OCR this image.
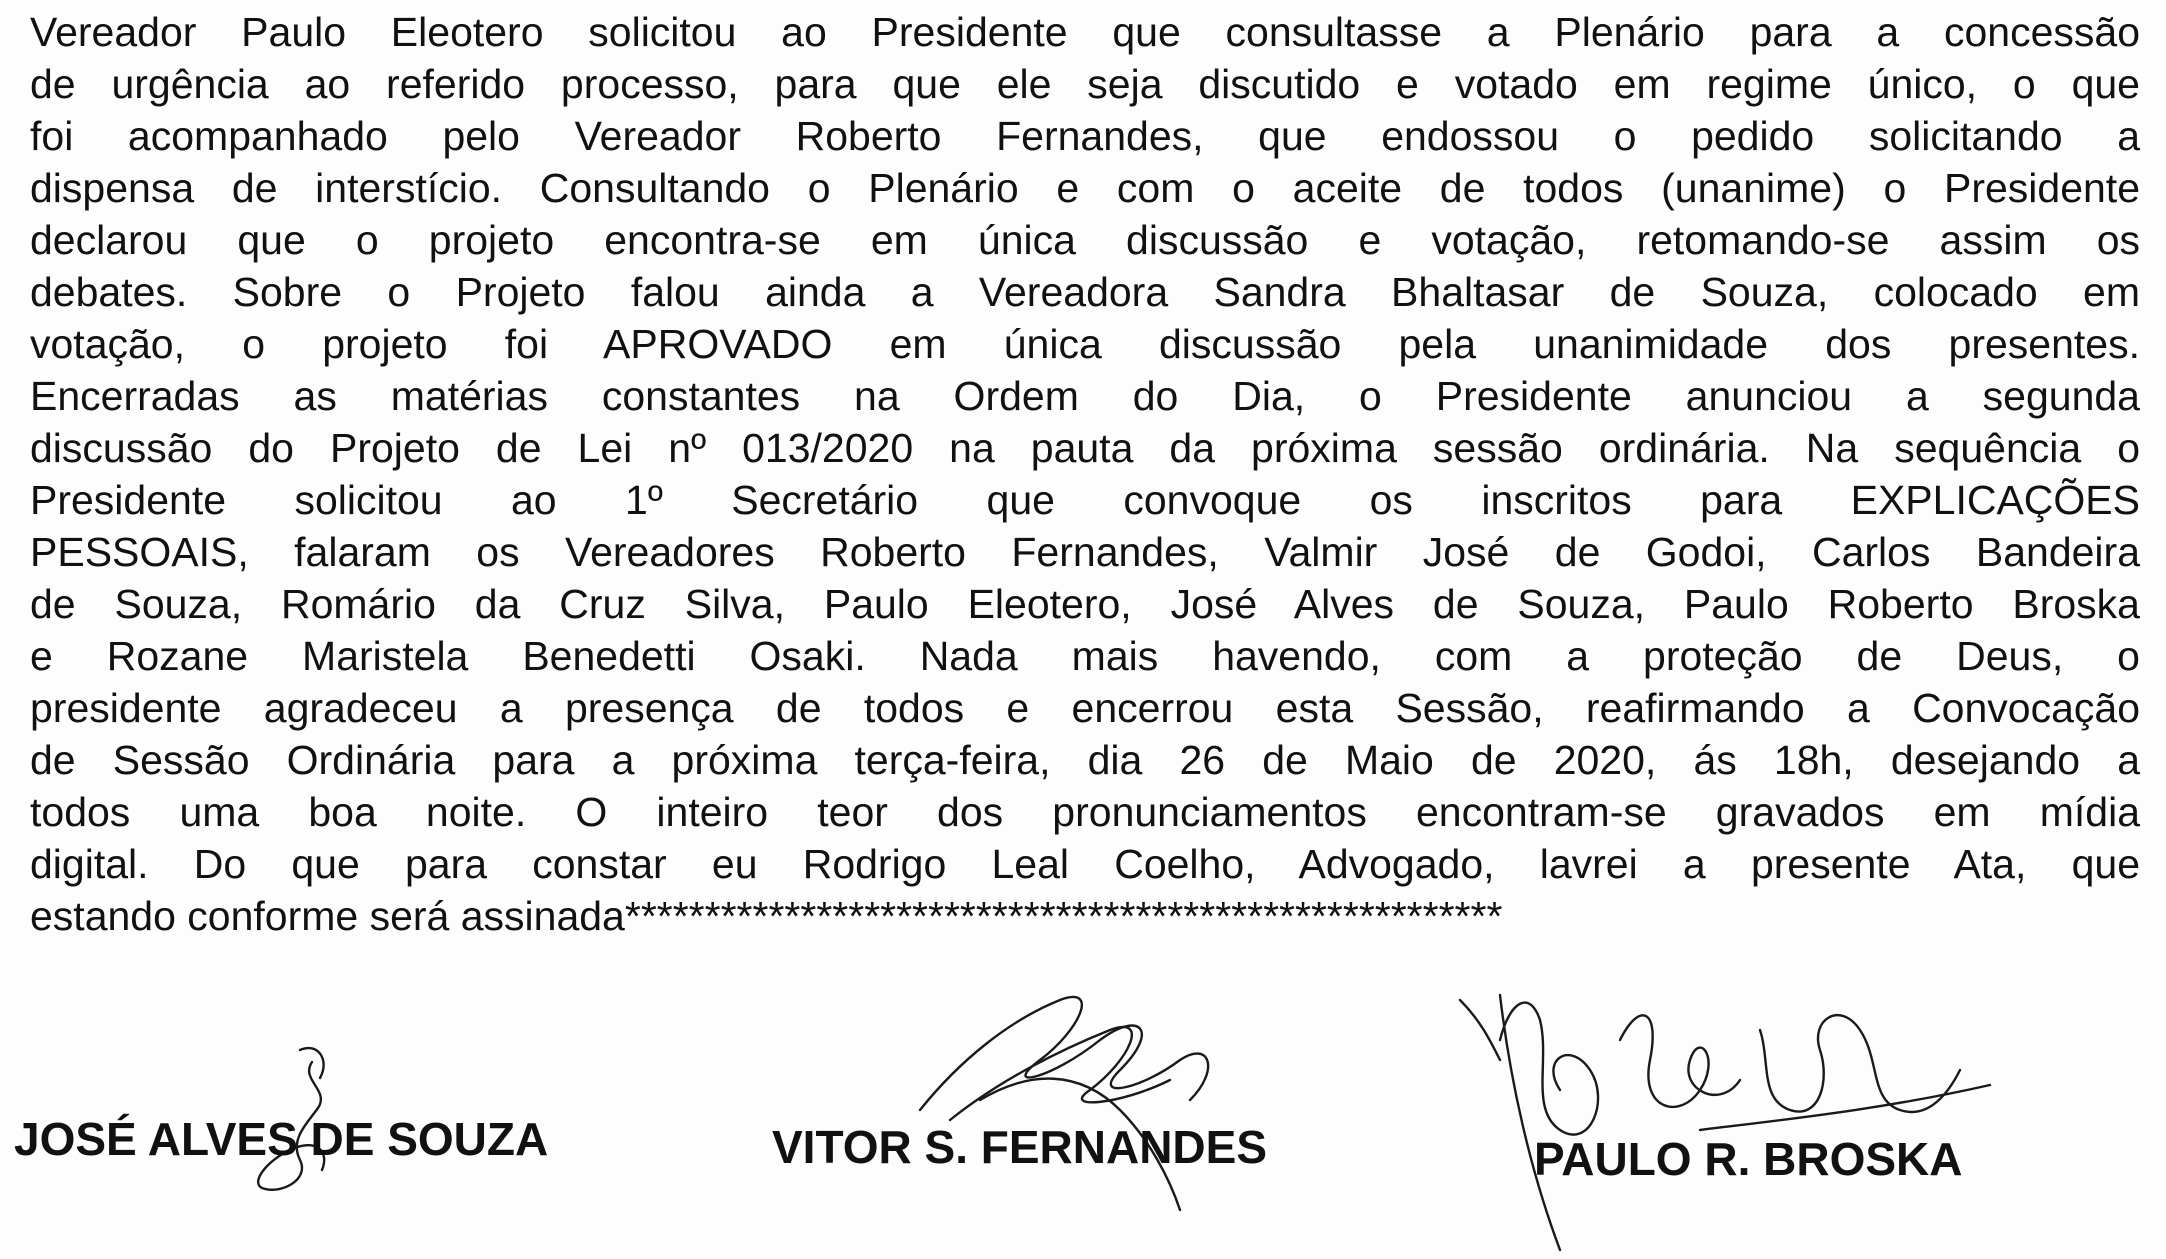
Vereador Paulo Eleotero solicitou ao Presidente que consultasse a Plenário para a concessão
de urgência ao referido processo, para que ele seja discutido e votado em regime único, o que
foi acompanhado pelo Vereador Roberto Fernandes, que endossou o pedido solicitando a
dispensa de interstício. Consultando o Plenário e com o aceite de todos (unanime) o Presidente
declarou que o projeto encontra-se em única discussão e votação, retomando-se assim os
debates. Sobre o Projeto falou ainda a Vereadora Sandra Bhaltasar de Souza, colocado em
votação, o projeto foi APROVADO em única discussão pela unanimidade dos presentes.
Encerradas as matérias constantes na Ordem do Dia, o Presidente anunciou a segunda
discussão do Projeto de Lei nº 013/2020 na pauta da próxima sessão ordinária. Na sequência o
Presidente solicitou ao 1º Secretário que convoque os inscritos para EXPLICAÇÕES
PESSOAIS, falaram os Vereadores Roberto Fernandes, Valmir José de Godoi, Carlos Bandeira
de Souza, Romário da Cruz Silva, Paulo Eleotero, José Alves de Souza, Paulo Roberto Broska
e Rozane Maristela Benedetti Osaki. Nada mais havendo, com a proteção de Deus, o
presidente agradeceu a presença de todos e encerrou esta Sessão, reafirmando a Convocação
de Sessão Ordinária para a próxima terça-feira, dia 26 de Maio de 2020, ás 18h, desejando a
todos uma boa noite. O inteiro teor dos pronunciamentos encontram-se gravados em mídia
digital. Do que para constar eu Rodrigo Leal Coelho, Advogado, lavrei a presente Ata, que
estando conforme será assinada*******************************************************
JOSÉ ALVES DE SOUZA	VITOR S. FERNANDES	PAULO R. BROSKA
